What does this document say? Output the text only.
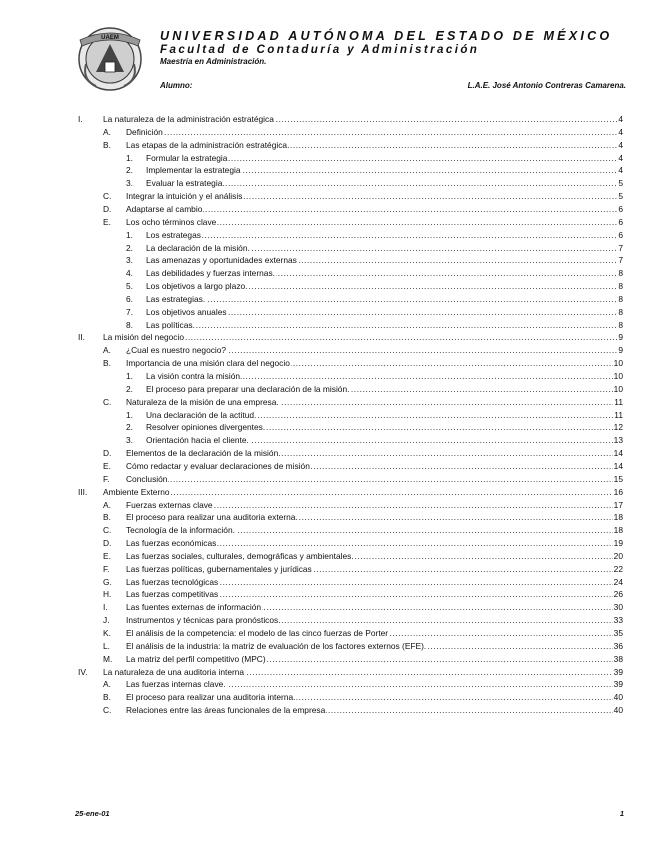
UAEM	UNIVERSIDAD AUTÓNOMA DEL ESTADO DE MÉXICO
Facultad de Contaduría y Administración
Maestría en Administración.
Alumno:	L.A.E. José Antonio Contreras Camarena.
I. La naturaleza de la administración estratégica .....	4
A. Definición .....	4
B. Las etapas de la administración estratégica. .....	4
1. Formular la estrategia .....	4
2. Implementar la estrategia .....	4
3. Evaluar la estrategia .....	5
C. Integrar la intuición y el análisis .....	5
D. Adaptarse al cambio .....	6
E. Los ocho términos clave .....	6
1. Los estrategas .....	6
2. La declaración de la misión. .....	7
3. Las amenazas y oportunidades externas .....	7
4. Las debilidades y fuerzas internas. .....	8
5. Los objetivos a largo plazo. .....	8
6. Las estrategias. .....	8
7. Los objetivos anuales .....	8
8. Las políticas. .....	8
II. La misión del negocio .....	9
A. ¿Cual es nuestro negocio? .....	9
B. Importancia de una misión clara del negocio .....	10
1. La visión contra la misión. .....	10
2. El proceso para preparar una declaración de la misión. .....	10
C. Naturaleza de la misión de una empresa. .....	11
1. Una declaración de la actitud. .....	11
2. Resolver opiniones divergentes. .....	12
3. Orientación hacia el cliente. .....	13
D. Elementos de la declaración de la misión .....	14
E. Cómo redactar y evaluar declaraciones de misión .....	14
F. Conclusión .....	15
III. Ambiente Externo .....	16
A. Fuerzas externas clave .....	17
B. El proceso para realizar una auditoria externa. .....	18
C. Tecnología de la información. .....	18
D. Las fuerzas económicas .....	19
E. Las fuerzas sociales, culturales, demográficas y ambientales .....	20
F. Las fuerzas políticas, gubernamentales y jurídicas .....	22
G. Las fuerzas tecnológicas .....	24
H. Las fuerzas competitivas .....	26
I. Las fuentes externas de información .....	30
J. Instrumentos y técnicas para pronósticos .....	33
K. El análisis de la competencia: el modelo de las cinco fuerzas de Porter .....	35
L. El análisis de la industria: la matriz de evaluación de los factores externos (EFE). .....	36
M. La matriz del perfil competitivo (MPC) .....	38
IV. La naturaleza de una auditoria interna .....	39
A. Las fuerzas internas clave. .....	39
B. El proceso para realizar una auditoria interna. .....	40
C. Relaciones entre las áreas funcionales de la empresa .....	40
25-ene-01	1
